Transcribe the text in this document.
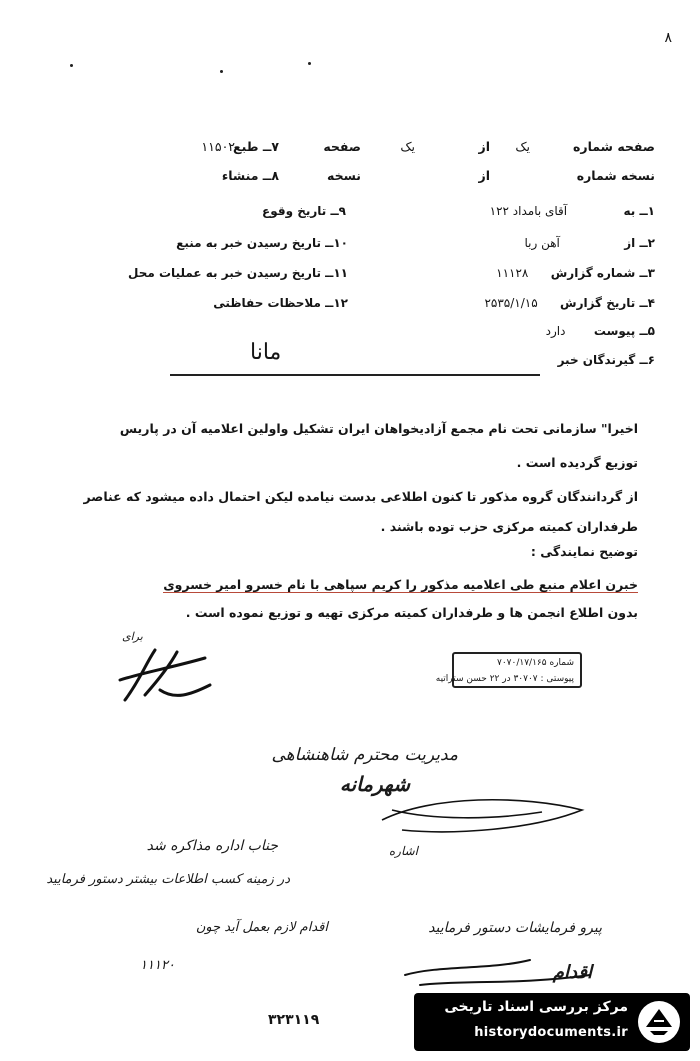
۸
صفحه شماره
یک
از
یک
صفحه
۷ــ طبع
۱۱۵۰۲
نسخه شماره
از
نسخه
۸ــ منشاء
۱ــ به  آقای بامداد ۱۲۲
۲ــ از  آهن ربا
۳ــ شماره گزارش  ۱۱۱۲۸
۴ــ تاریخ گزارش  ۲۵۳۵/۱/۱۵
۵ــ پیوست  دارد
۶ــ گیرندگان خبر
۹ــ تاریخ وقوع
۱۰ــ تاریخ رسیدن خبر به منبع
۱۱ــ تاریخ رسیدن خبر به عملیات محل
۱۲ــ ملاحظات حفاظتی
مانا
اخیرا" سازمانی تحت نام مجمع آزادیخواهان ایران تشکیل واولین اعلامیه آن در پاریس
توزیع گردیده است .
از گردانندگان گروه مذکور تا کنون اطلاعی بدست نیامده لیکن احتمال داده میشود که عناصر
طرفداران کمیته مرکزی حزب توده باشند .
توضیح نمایندگی :
خبرن اعلام منبع طی اعلامیه مذکور را کریم سپاهی با نام خسرو امیر خسروی
بدون اطلاع انجمن ها و طرفداران کمیته مرکزی تهیه و توزیع نموده است .
برای
شماره ۷۰۷۰/۱۷/۱۶۵
پیوستی : ۳۰۷۰۷ در ۲۲ حسن ستراتیه
مدیریت محترم شاهنشاهی
شهرمانه
اشاره
جناب اداره مذاکره شد
در زمینه کسب اطلاعات بیشتر دستور فرمایید
اقدام لازم بعمل آید چون
۱۱۱۲۰
پیرو فرمایشات دستور فرمایید
اقدام
۳۲۳۱۱۹
مرکز بررسی اسناد تاریخی
historydocuments.ir
